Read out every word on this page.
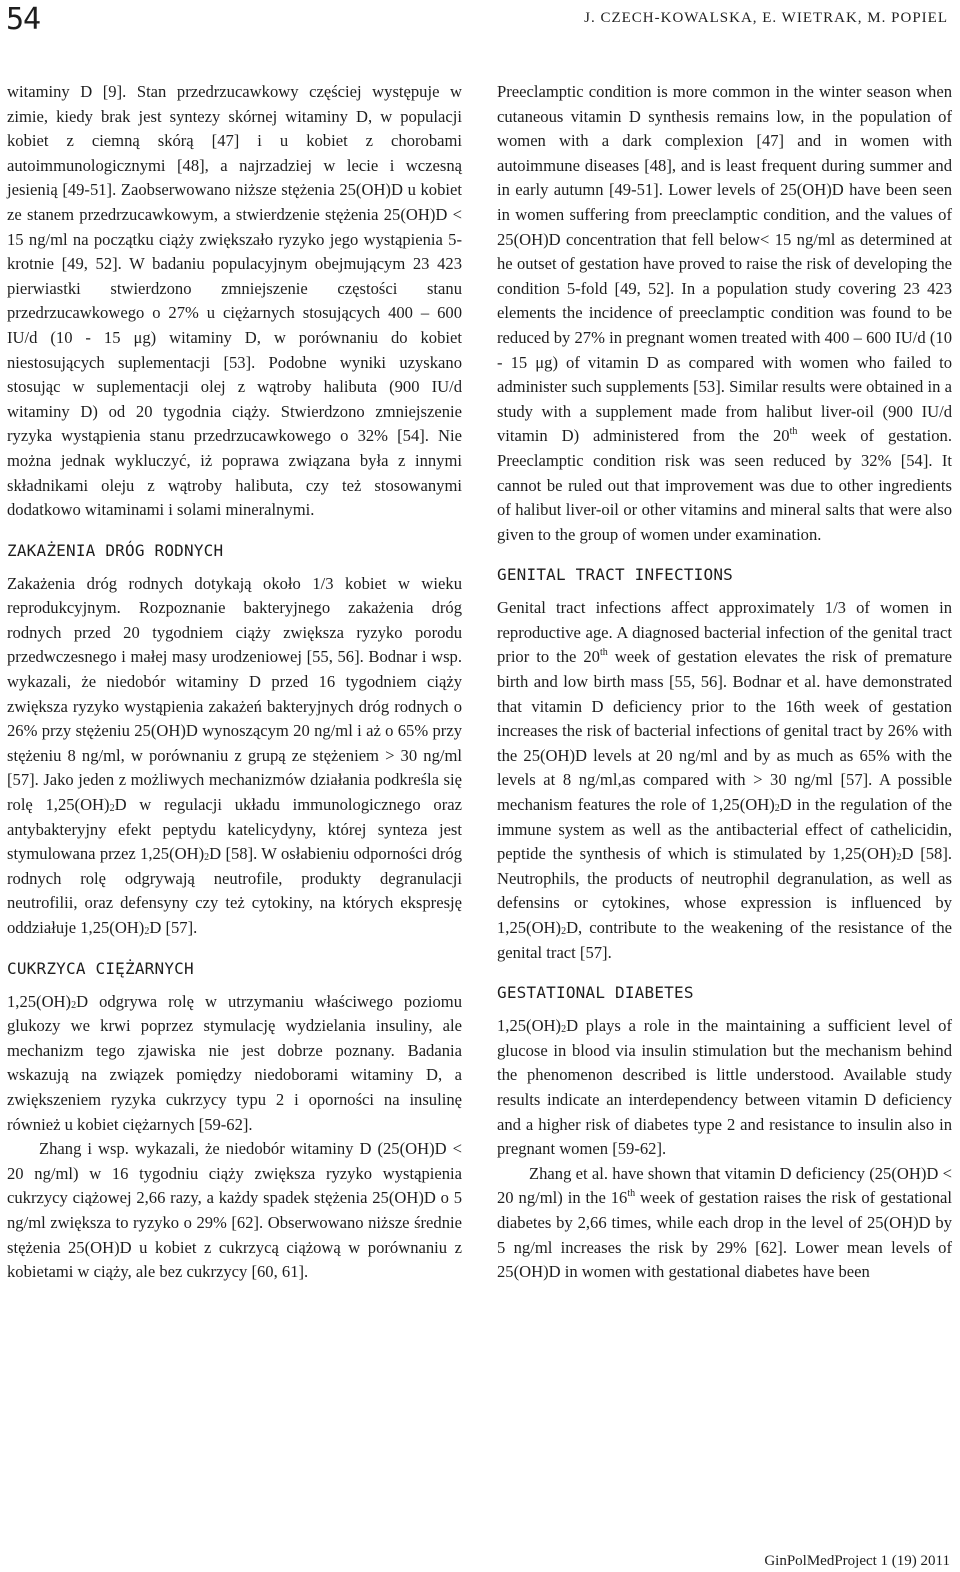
54	J. CZECH-KOWALSKA, E. WIETRAK, M. POPIEL

witaminy D [9]. Stan przedrzucawkowy częściej występuje w zimie, kiedy brak jest syntezy skórnej witaminy D, w populacji kobiet z ciemną skórą [47] i u kobiet z chorobami autoimmunologicznymi [48], a najrzadziej w lecie i wczesną jesienią [49-51]. Zaobserwowano niższe stężenia 25(OH)D u kobiet ze stanem przedrzucawkowym, a stwierdzenie stężenia 25(OH)D < 15 ng/ml na początku ciąży zwiększało ryzyko jego wystąpienia 5-krotnie [49, 52]. W badaniu populacyjnym obejmującym 23 423 pierwiastki stwierdzono zmniejszenie częstości stanu przedrzucawkowego o 27% u ciężarnych stosujących 400 – 600 IU/d (10 - 15 μg) witaminy D, w porównaniu do kobiet niestosujących suplementacji [53]. Podobne wyniki uzyskano stosując w suplementacji olej z wątroby halibuta (900 IU/d witaminy D) od 20 tygodnia ciąży. Stwierdzono zmniejszenie ryzyka wystąpienia stanu przedrzucawkowego o 32% [54]. Nie można jednak wykluczyć, iż poprawa związana była z innymi składnikami oleju z wątroby halibuta, czy też stosowanymi dodatkowo witaminami i solami mineralnymi.

ZAKAŻENIA DRÓG RODNYCH

Zakażenia dróg rodnych dotykają około 1/3 kobiet w wieku reprodukcyjnym. Rozpoznanie bakteryjnego zakażenia dróg rodnych przed 20 tygodniem ciąży zwiększa ryzyko porodu przedwczesnego i małej masy urodzeniowej [55, 56]. Bodnar i wsp. wykazali, że niedobór witaminy D przed 16 tygodniem ciąży zwiększa ryzyko wystąpienia zakażeń bakteryjnych dróg rodnych o 26% przy stężeniu 25(OH)D wynoszącym 20 ng/ml i aż o 65% przy stężeniu 8 ng/ml, w porównaniu z grupą ze stężeniem > 30 ng/ml [57]. Jako jeden z możliwych mechanizmów działania podkreśla się rolę $1,25(OH)_2D$ w regulacji układu immunologicznego oraz antybakteryjny efekt peptydu katelicydyny, której synteza jest stymulowana przez $1,25(OH)_2D$ [58]. W osłabieniu odporności dróg rodnych rolę odgrywają neutrofile, produkty degranulacji neutrofilii, oraz defensyny czy też cytokiny, na których ekspresję oddziałuje $1,25(OH)_2D$ [57].

CUKRZYCA CIĘŻARNYCH

$1,25(OH)_2D$ odgrywa rolę w utrzymaniu właściwego poziomu glukozy we krwi poprzez stymulację wydzielania insuliny, ale mechanizm tego zjawiska nie jest dobrze poznany. Badania wskazują na związek pomiędzy niedoborami witaminy D, a zwiększeniem ryzyka cukrzycy typu 2 i oporności na insulinę również u kobiet ciężarnych [59-62].

Zhang i wsp. wykazali, że niedobór witaminy D (25(OH)D < 20 ng/ml) w 16 tygodniu ciąży zwiększa ryzyko wystąpienia cukrzycy ciążowej 2,66 razy, a każdy spadek stężenia 25(OH)D o 5 ng/ml zwiększa to ryzyko o 29% [62]. Obserwowano niższe średnie stężenia 25(OH)D u kobiet z cukrzycą ciążową w porównaniu z kobietami w ciąży, ale bez cukrzycy [60, 61].

Preeclamptic condition is more common in the winter season when cutaneous vitamin D synthesis remains low, in the population of women with a dark complexion [47] and in women with autoimmune diseases [48], and is least frequent during summer and in early autumn [49-51]. Lower levels of 25(OH)D have been seen in women suffering from preeclamptic condition, and the values of 25(OH)D concentration that fell below< 15 ng/ml as determined at he outset of gestation have proved to raise the risk of developing the condition 5-fold [49, 52]. In a population study covering 23 423 elements the incidence of preeclamptic condition was found to be reduced by 27% in pregnant women treated with 400 – 600 IU/d (10 - 15 μg) of vitamin D as compared with women who failed to administer such supplements [53]. Similar results were obtained in a study with a supplement made from halibut liver-oil (900 IU/d vitamin D) administered from the 20th week of gestation. Preeclamptic condition risk was seen reduced by 32% [54]. It cannot be ruled out that improvement was due to other ingredients of halibut liver-oil or other vitamins and mineral salts that were also given to the group of women under examination.

GENITAL TRACT INFECTIONS

Genital tract infections affect approximately 1/3 of women in reproductive age. A diagnosed bacterial infection of the genital tract prior to the 20th week of gestation elevates the risk of premature birth and low birth mass [55, 56]. Bodnar et al. have demonstrated that vitamin D deficiency prior to the 16th week of gestation increases the risk of bacterial infections of genital tract by 26% with the 25(OH)D levels at 20 ng/ml and by as much as 65% with the levels at 8 ng/ml,as compared with > 30 ng/ml [57]. A possible mechanism features the role of $1,25(OH)_2D$ in the regulation of the immune system as well as the antibacterial effect of cathelicidin, peptide the synthesis of which is stimulated by $1,25(OH)_2D$ [58]. Neutrophils, the products of neutrophil degranulation, as well as defensins or cytokines, whose expression is influenced by $1,25(OH)_2D$, contribute to the weakening of the resistance of the genital tract [57].

GESTATIONAL DIABETES

$1,25(OH)_2D$ plays a role in the maintaining a sufficient level of glucose in blood via insulin stimulation but the mechanism behind the phenomenon described is little understood. Available study results indicate an interdependency between vitamin D deficiency and a higher risk of diabetes type 2 and resistance to insulin also in pregnant women [59-62].

Zhang et al. have shown that vitamin D deficiency (25(OH)D < 20 ng/ml) in the 16th week of gestation raises the risk of gestational diabetes by 2,66 times, while each drop in the level of 25(OH)D by 5 ng/ml increases the risk by 29% [62]. Lower mean levels of 25(OH)D in women with gestational diabetes have been

GinPolMedProject 1 (19) 2011
